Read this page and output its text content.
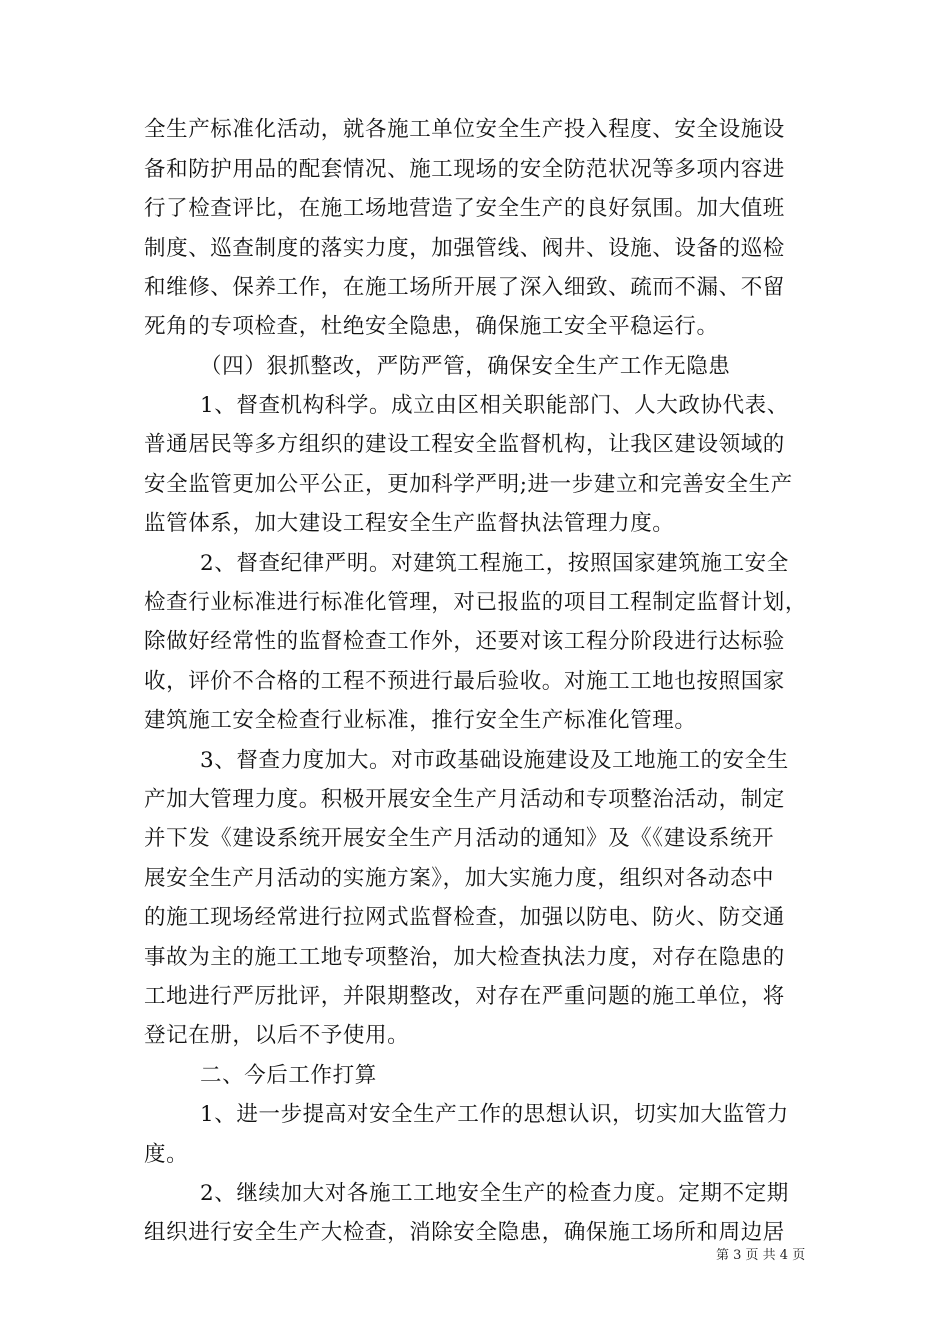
全生产标准化活动，就各施工单位安全生产投入程度、安全设施设
备和防护用品的配套情况、施工现场的安全防范状况等多项内容进
行了检查评比，在施工场地营造了安全生产的良好氛围。加大值班
制度、巡查制度的落实力度，加强管线、阀井、设施、设备的巡检
和维修、保养工作，在施工场所开展了深入细致、疏而不漏、不留
死角的专项检查，杜绝安全隐患，确保施工安全平稳运行。
（四）狠抓整改，严防严管，确保安全生产工作无隐患
1、督查机构科学。成立由区相关职能部门、人大政协代表、
普通居民等多方组织的建设工程安全监督机构，让我区建设领域的
安全监管更加公平公正，更加科学严明;进一步建立和完善安全生产
监管体系，加大建设工程安全生产监督执法管理力度。
2、督查纪律严明。对建筑工程施工，按照国家建筑施工安全
检查行业标准进行标准化管理，对已报监的项目工程制定监督计划，
除做好经常性的监督检查工作外，还要对该工程分阶段进行达标验
收，评价不合格的工程不预进行最后验收。对施工工地也按照国家
建筑施工安全检查行业标准，推行安全生产标准化管理。
3、督查力度加大。对市政基础设施建设及工地施工的安全生
产加大管理力度。积极开展安全生产月活动和专项整治活动，制定
并下发《建设系统开展安全生产月活动的通知》及《《建设系统开
展安全生产月活动的实施方案》，加大实施力度，组织对各动态中
的施工现场经常进行拉网式监督检查，加强以防电、防火、防交通
事故为主的施工工地专项整治，加大检查执法力度，对存在隐患的
工地进行严厉批评，并限期整改，对存在严重问题的施工单位，将
登记在册，以后不予使用。
二、今后工作打算
1、进一步提高对安全生产工作的思想认识，切实加大监管力
度。
2、继续加大对各施工工地安全生产的检查力度。定期不定期
组织进行安全生产大检查，消除安全隐患，确保施工场所和周边居
第 3 页 共 4 页
